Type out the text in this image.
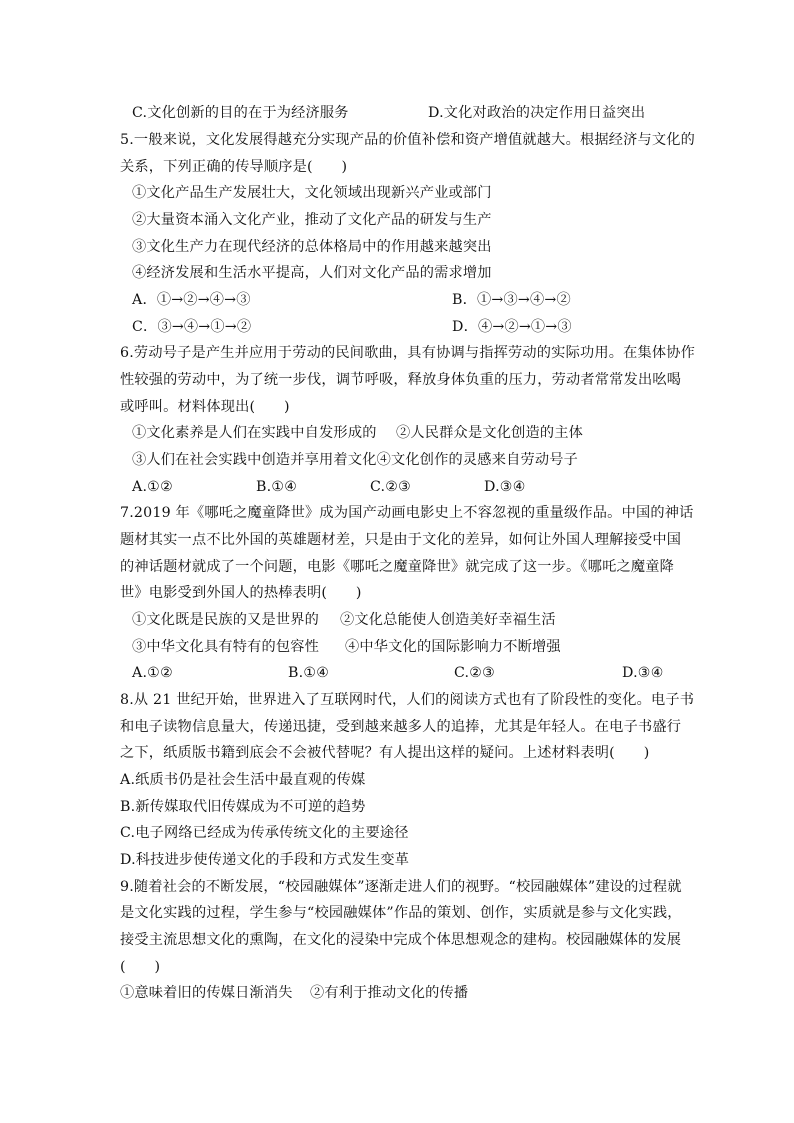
C.文化创新的目的在于为经济服务	D.文化对政治的决定作用日益突出
5.一般来说，文化发展得越充分实现产品的价值补偿和资产增值就越大。根据经济与文化的
关系，下列正确的传导顺序是(　　)
①文化产品生产发展壮大，文化领域出现新兴产业或部门
②大量资本涌入文化产业，推动了文化产品的研发与生产
③文化生产力在现代经济的总体格局中的作用越来越突出
④经济发展和生活水平提高，人们对文化产品的需求增加
A．①→②→④→③	B．①→③→④→②
C．③→④→①→②	D．④→②→①→③
6.劳动号子是产生并应用于劳动的民间歌曲，具有协调与指挥劳动的实际功用。在集体协作
性较强的劳动中，为了统一步伐，调节呼吸，释放身体负重的压力，劳动者常常发出吆喝
或呼叫。材料体现出(　　)
①文化素养是人们在实践中自发形成的 ②人民群众是文化创造的主体
③人们在社会实践中创造并享用着文化④文化创作的灵感来自劳动号子
A.①②	B.①④	C.②③	D.③④
7.2019 年《哪吒之魔童降世》成为国产动画电影史上不容忽视的重量级作品。中国的神话
题材其实一点不比外国的英雄题材差，只是由于文化的差异，如何让外国人理解接受中国
的神话题材就成了一个问题，电影《哪吒之魔童降世》就完成了这一步。《哪吒之魔童降
世》电影受到外国人的热棒表明(　　)
①文化既是民族的又是世界的 ②文化总能使人创造美好幸福生活
③中华文化具有特有的包容性 ④中华文化的国际影响力不断增强
A.①②	B.①④	C.②③	D.③④
8.从 21 世纪开始，世界进入了互联网时代，人们的阅读方式也有了阶段性的变化。电子书
和电子读物信息量大，传递迅捷，受到越来越多人的追捧，尤其是年轻人。在电子书盛行
之下，纸质版书籍到底会不会被代替呢？有人提出这样的疑问。上述材料表明(　　)
A.纸质书仍是社会生活中最直观的传媒
B.新传媒取代旧传媒成为不可逆的趋势
C.电子网络已经成为传承传统文化的主要途径
D.科技进步使传递文化的手段和方式发生变革
9.随着社会的不断发展，“校园融媒体”逐渐走进人们的视野。“校园融媒体”建设的过程就
是文化实践的过程，学生参与“校园融媒体”作品的策划、创作，实质就是参与文化实践，
接受主流思想文化的熏陶，在文化的浸染中完成个体思想观念的建构。校园融媒体的发展
(　　)
①意味着旧的传媒日渐消失 ②有利于推动文化的传播
